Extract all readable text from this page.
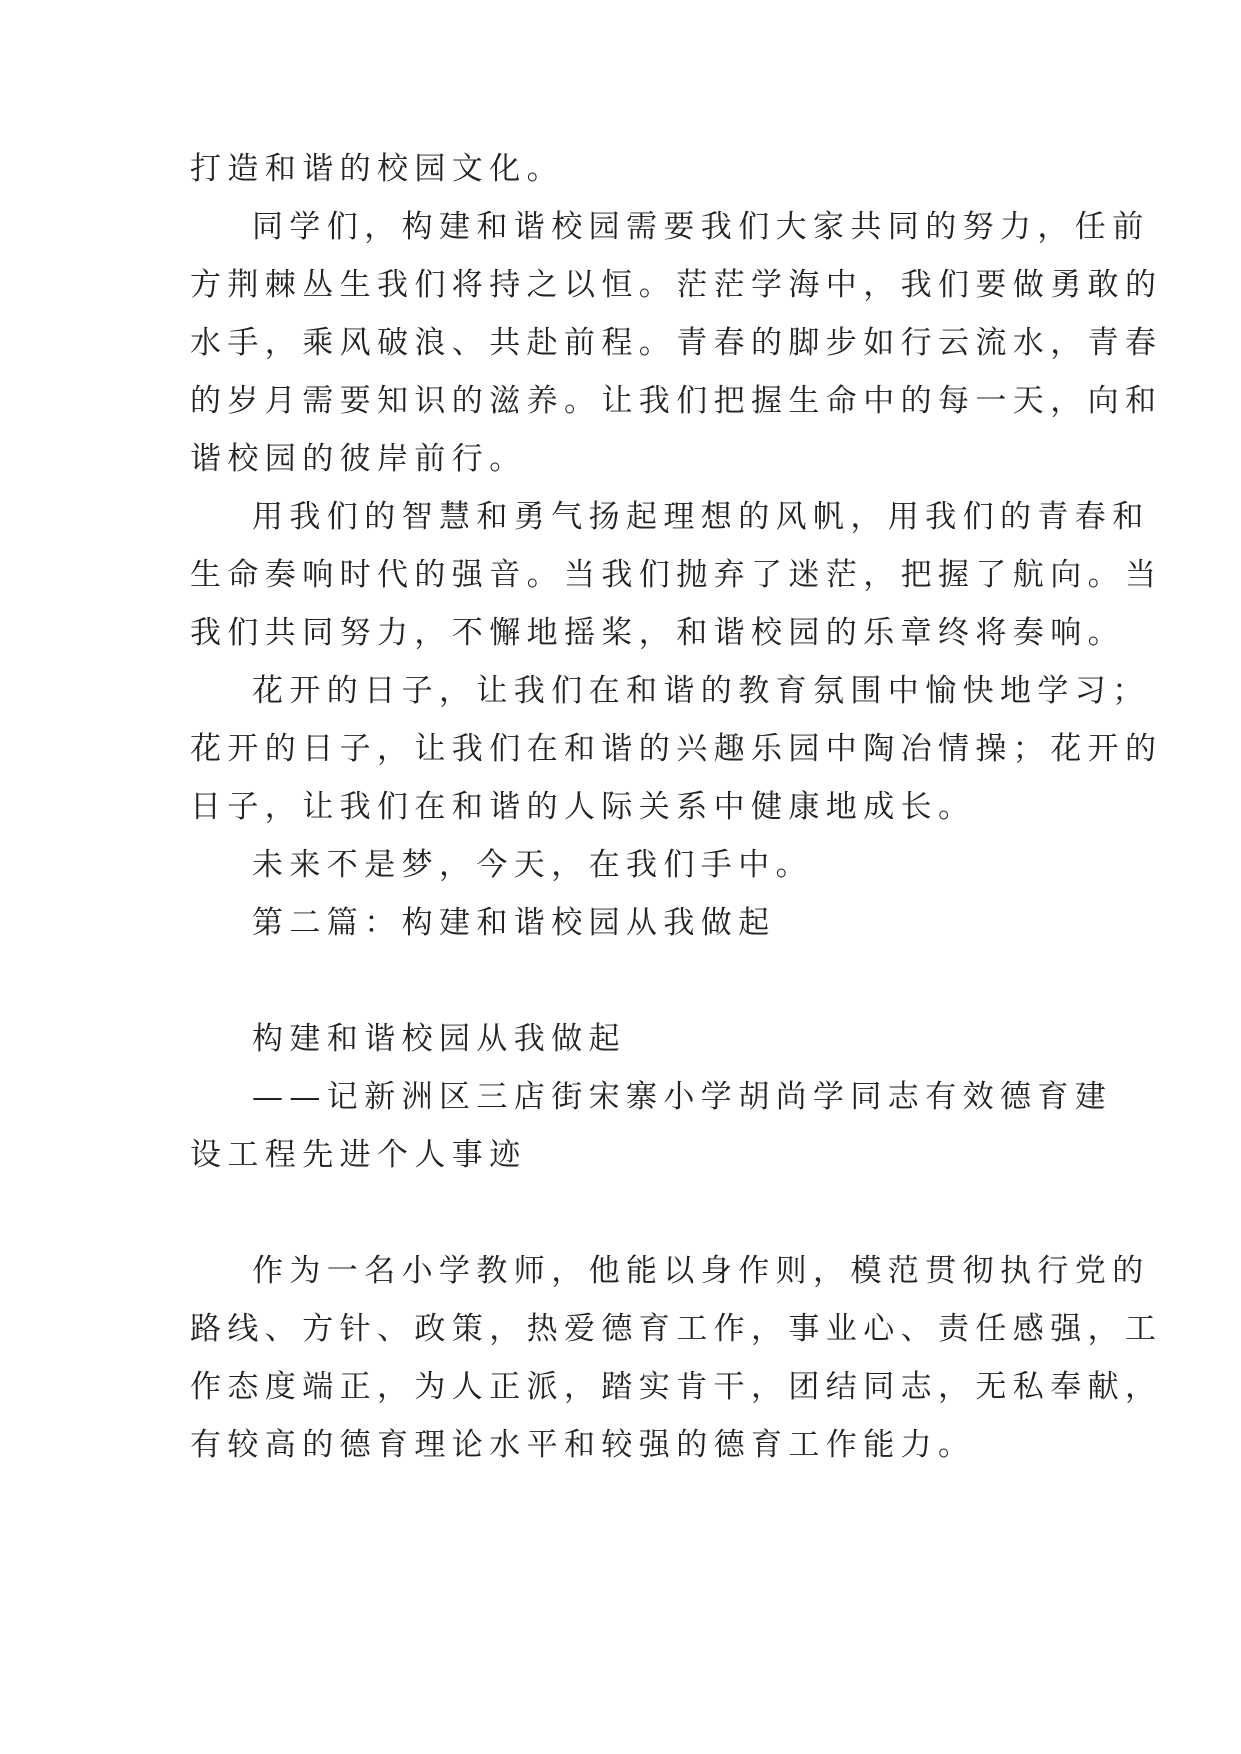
打造和谐的校园文化。
同学们，构建和谐校园需要我们大家共同的努力，任前
方荆棘丛生我们将持之以恒。茫茫学海中，我们要做勇敢的
水手，乘风破浪、共赴前程。青春的脚步如行云流水，青春
的岁月需要知识的滋养。让我们把握生命中的每一天，向和
谐校园的彼岸前行。
用我们的智慧和勇气扬起理想的风帆，用我们的青春和
生命奏响时代的强音。当我们抛弃了迷茫，把握了航向。当
我们共同努力，不懈地摇桨，和谐校园的乐章终将奏响。
花开的日子，让我们在和谐的教育氛围中愉快地学习；
花开的日子，让我们在和谐的兴趣乐园中陶冶情操；花开的
日子，让我们在和谐的人际关系中健康地成长。
未来不是梦，今天，在我们手中。
第二篇：构建和谐校园从我做起
构建和谐校园从我做起
——记新洲区三店街宋寨小学胡尚学同志有效德育建
设工程先进个人事迹
作为一名小学教师，他能以身作则，模范贯彻执行党的
路线、方针、政策，热爱德育工作，事业心、责任感强，工
作态度端正，为人正派，踏实肯干，团结同志，无私奉献，
有较高的德育理论水平和较强的德育工作能力。
